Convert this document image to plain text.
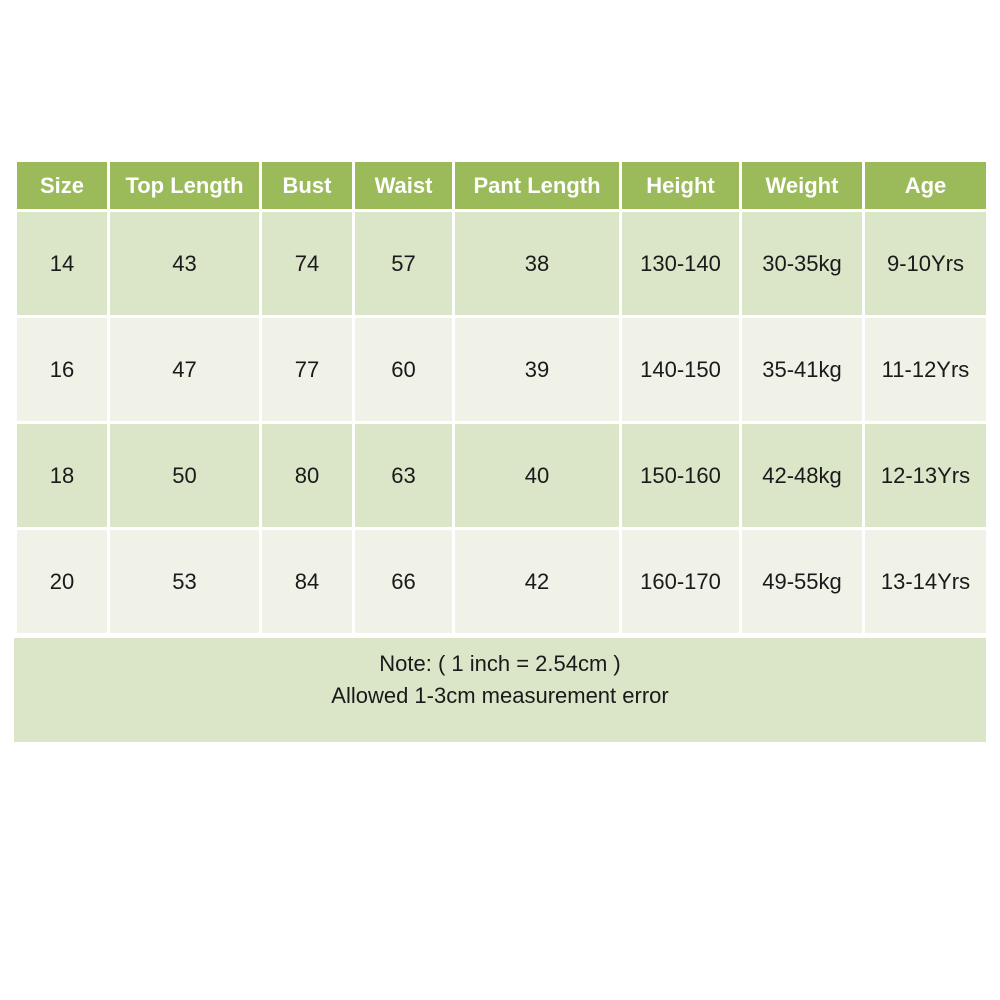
Size	Top Length	Bust	Waist	Pant Length	Height	Weight	Age
14	43	74	57	38	130-140	30-35kg	9-10Yrs
16	47	77	60	39	140-150	35-41kg	11-12Yrs
18	50	80	63	40	150-160	42-48kg	12-13Yrs
20	53	84	66	42	160-170	49-55kg	13-14Yrs
Note: ( 1 inch = 2.54cm )
Allowed 1-3cm measurement error
